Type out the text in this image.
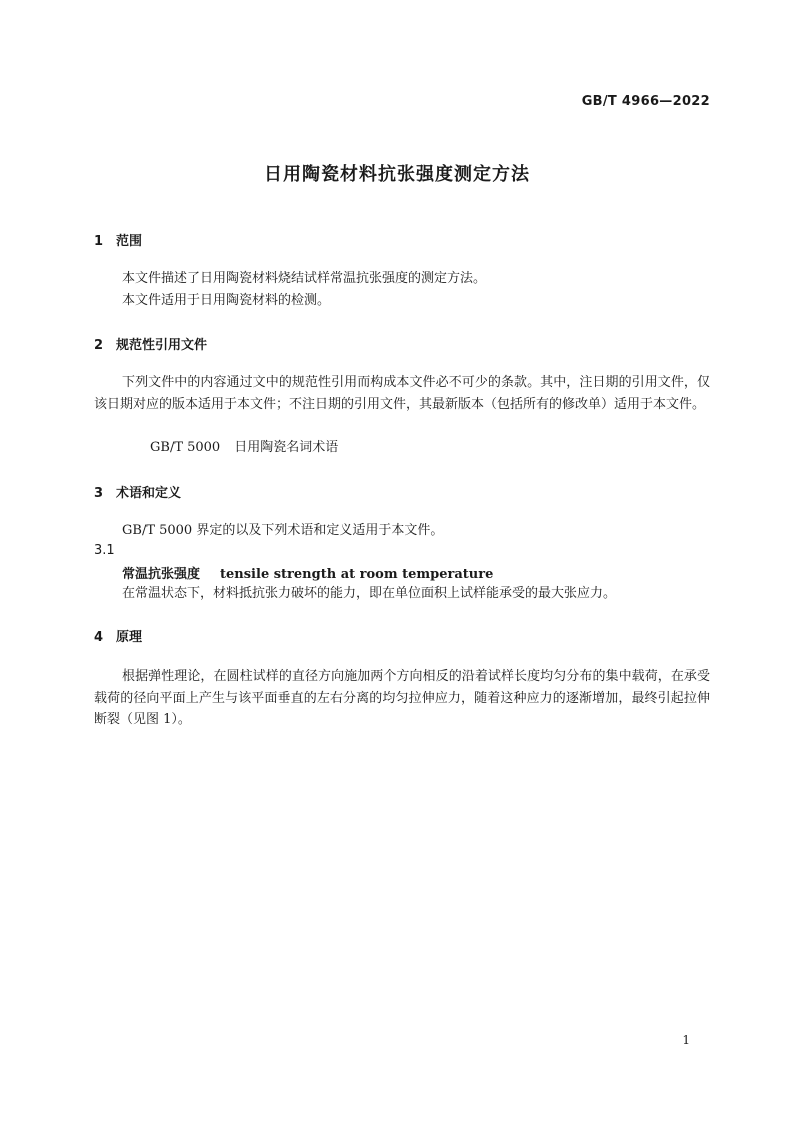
GB/T 4966—2022
日用陶瓷材料抗张强度测定方法
1 范围
本文件描述了日用陶瓷材料烧结试样常温抗张强度的测定方法。
本文件适用于日用陶瓷材料的检测。
2 规范性引用文件
下列文件中的内容通过文中的规范性引用而构成本文件必不可少的条款。其中，注日期的引用文件，仅该日期对应的版本适用于本文件；不注日期的引用文件，其最新版本（包括所有的修改单）适用于本文件。
GB/T 5000 日用陶瓷名词术语
3 术语和定义
GB/T 5000 界定的以及下列术语和定义适用于本文件。
3.1
常温抗张强度 tensile strength at room temperature
在常温状态下，材料抵抗张力破坏的能力，即在单位面积上试样能承受的最大张应力。
4 原理
根据弹性理论，在圆柱试样的直径方向施加两个方向相反的沿着试样长度均匀分布的集中载荷，在承受载荷的径向平面上产生与该平面垂直的左右分离的均匀拉伸应力，随着这种应力的逐渐增加，最终引起拉伸断裂（见图 1）。
1
